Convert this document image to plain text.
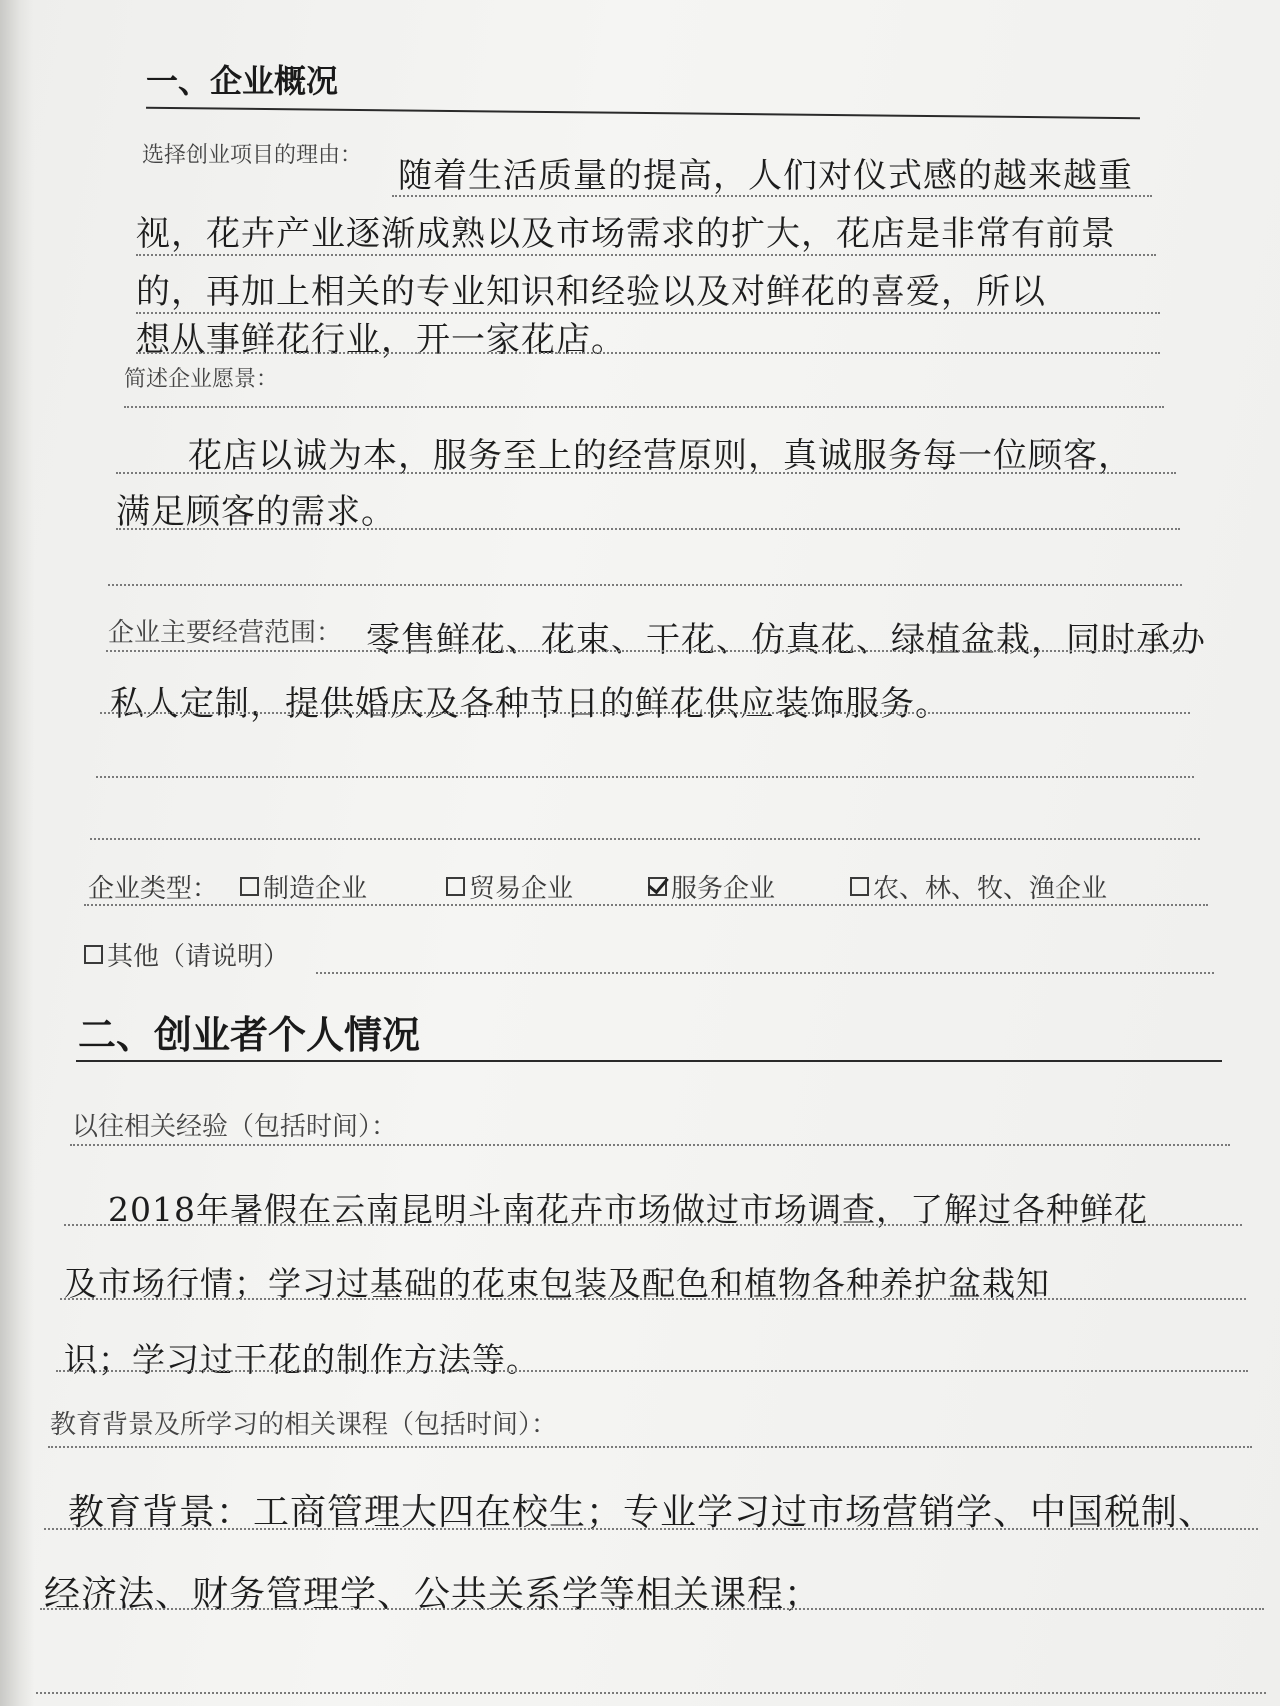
一、企业概况
选择创业项目的理由：
随着生活质量的提高，人们对仪式感的越来越重
视，花卉产业逐渐成熟以及市场需求的扩大，花店是非常有前景
的，再加上相关的专业知识和经验以及对鲜花的喜爱，所以
想从事鲜花行业，开一家花店。
简述企业愿景：
花店以诚为本，服务至上的经营原则，真诚服务每一位顾客，
满足顾客的需求。
企业主要经营范围： 零售鲜花、花束、干花、仿真花、绿植盆栽，同时承办
私人定制，提供婚庆及各种节日的鲜花供应装饰服务。
企业类型： 制造企业	贸易企业	服务企业	农、林、牧、渔企业
其他（请说明）
二、创业者个人情况
以往相关经验（包括时间）：
2018年暑假在云南昆明斗南花卉市场做过市场调查，了解过各种鲜花
及市场行情；学习过基础的花束包装及配色和植物各种养护盆栽知
识；学习过干花的制作方法等。
教育背景及所学习的相关课程（包括时间）：
教育背景：工商管理大四在校生；专业学习过市场营销学、中国税制、
经济法、财务管理学、公共关系学等相关课程；
